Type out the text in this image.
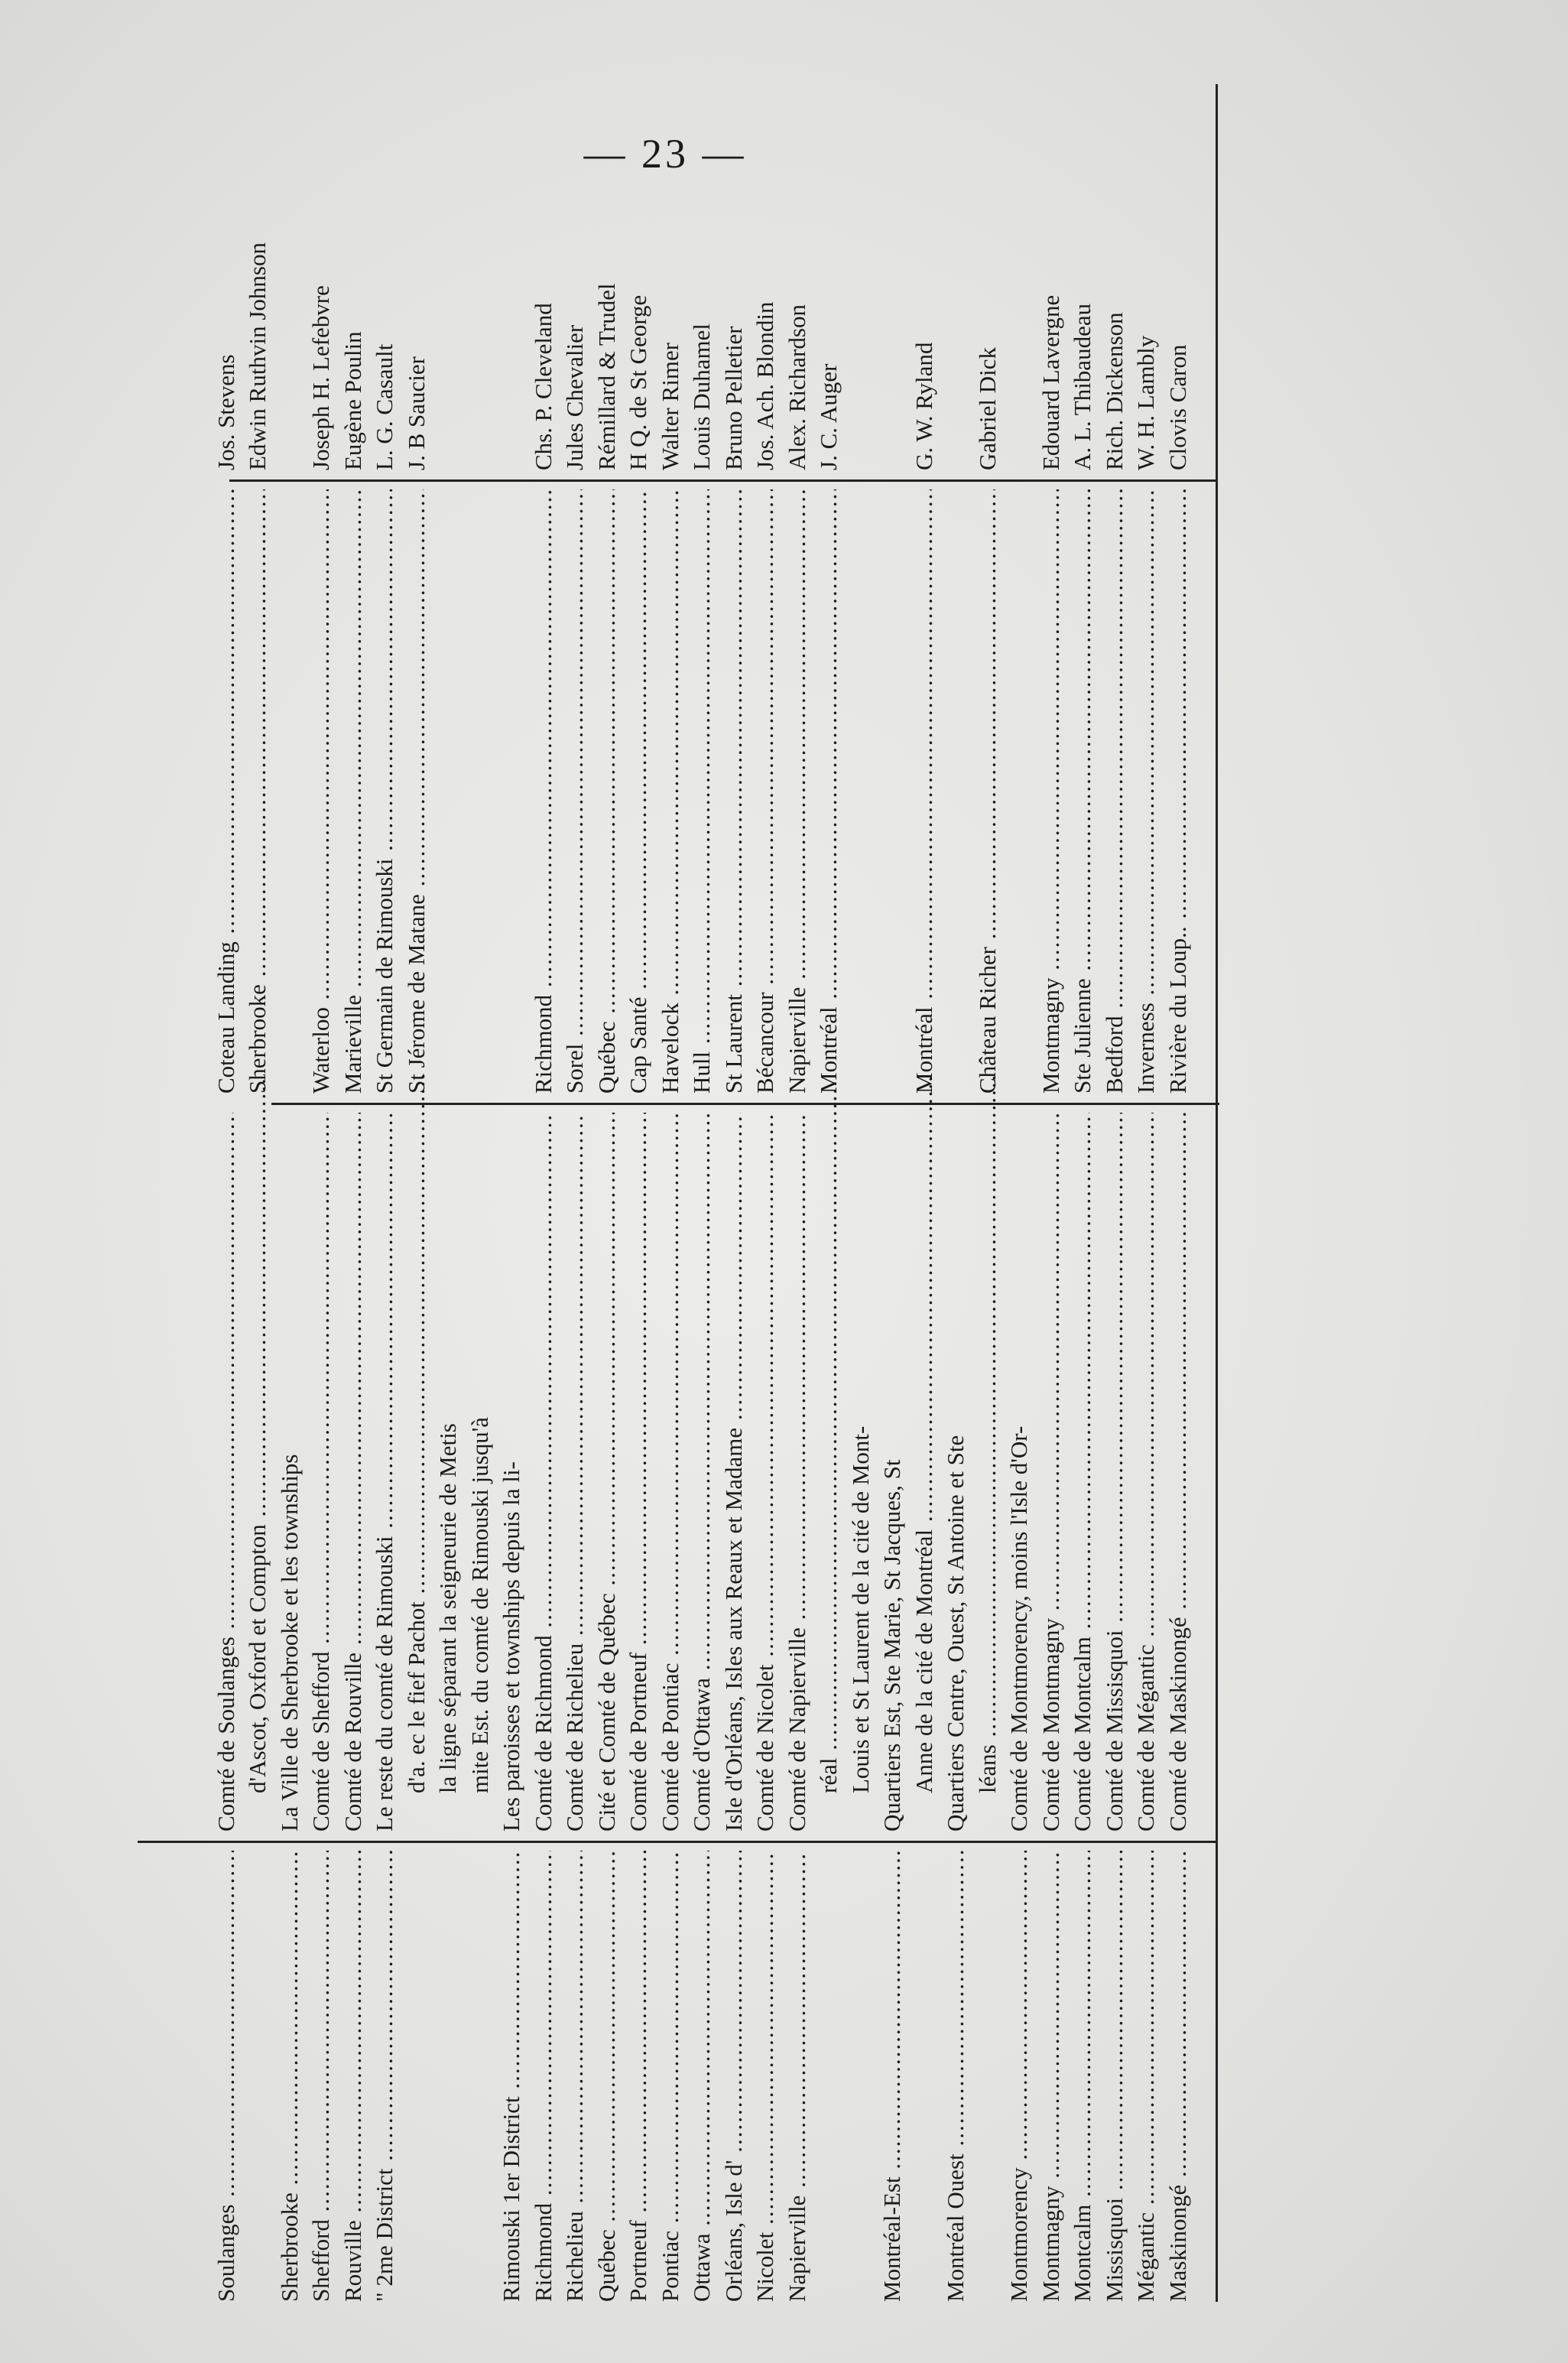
— 23 —
Maskinongé .....
Comté de Maskinongé .....
Rivière du Loup.. .....
Clovis Caron
Mégantic .....
Comté de Mégantic .....
Inverness .....
W. H. Lambly
Missisquoi .....
Comté de Missisquoi .....
Bedford .....
Rich. Dickenson
Montcalm .....
Comté de Montcalm .....
Ste Julienne .....
A. L. Thibaudeau
Montmagny .....
Comté de Montmagny .....
Montmagny .....
Edouard Lavergne
Montmorency .....
Comté de Montmorency, moins l'Isle d'Or-
léans .....
Château Richer .....
Gabriel Dick
Montréal Ouest .....
Quartiers Centre, Ouest, St Antoine et Ste
Anne de la cité de Montréal .....
Montréal .....
G. W. Ryland
Montréal-Est .....
Quartiers Est, Ste Marie, St Jacques, St
Louis et St Laurent de la cité de Mont-
réal .....
Montréal .....
J. C. Auger
Napierville .....
Comté de Napierville .....
Napierville .....
Alex. Richardson
Nicolet .....
Comté de Nicolet .....
Bécancour .....
Jos. Ach. Blondin
Orléans, Isle d' .....
Isle d'Orléans, Isles aux Reaux et Madame .....
St Laurent .....
Bruno Pelletier
Ottawa .....
Comté d'Ottawa .....
Hull .....
Louis Duhamel
Pontiac .....
Comté de Pontiac .....
Havelock .....
Walter Rimer
Portneuf .....
Comté de Portneuf .....
Cap Santé .....
H Q. de St George
Québec .....
Cité et Comté de Québec .....
Québec .....
Rémillard & Trudel
Richelieu .....
Comté de Richelieu .....
Sorel .....
Jules Chevalier
Richmond .....
Comté de Richmond .....
Richmond .....
Chs. P. Cleveland
Rimouski 1er District .....
Les paroisses et townships depuis la li-
mite Est. du comté de Rimouski jusqu'à
la ligne séparant la seigneurie de Metis
d'a. ec le fief Pachot .....
St Jérome de Matane .....
J. B Saucier
" 2me District .....
Le reste du comté de Rimouski .....
St Germain de Rimouski .....
L. G. Casault
Rouville .....
Comté de Rouville .....
Marieville .....
Eugène Poulin
Shefford .....
Comté de Shefford .....
Waterloo .....
Joseph H. Lefebvre
Sherbrooke .....
La Ville de Sherbrooke et les townships
d'Ascot, Oxford et Compton .....
Sherbrooke .....
Edwin Ruthvin Johnson
Soulanges .....
Comté de Soulanges .....
Coteau Landing .....
Jos. Stevens
